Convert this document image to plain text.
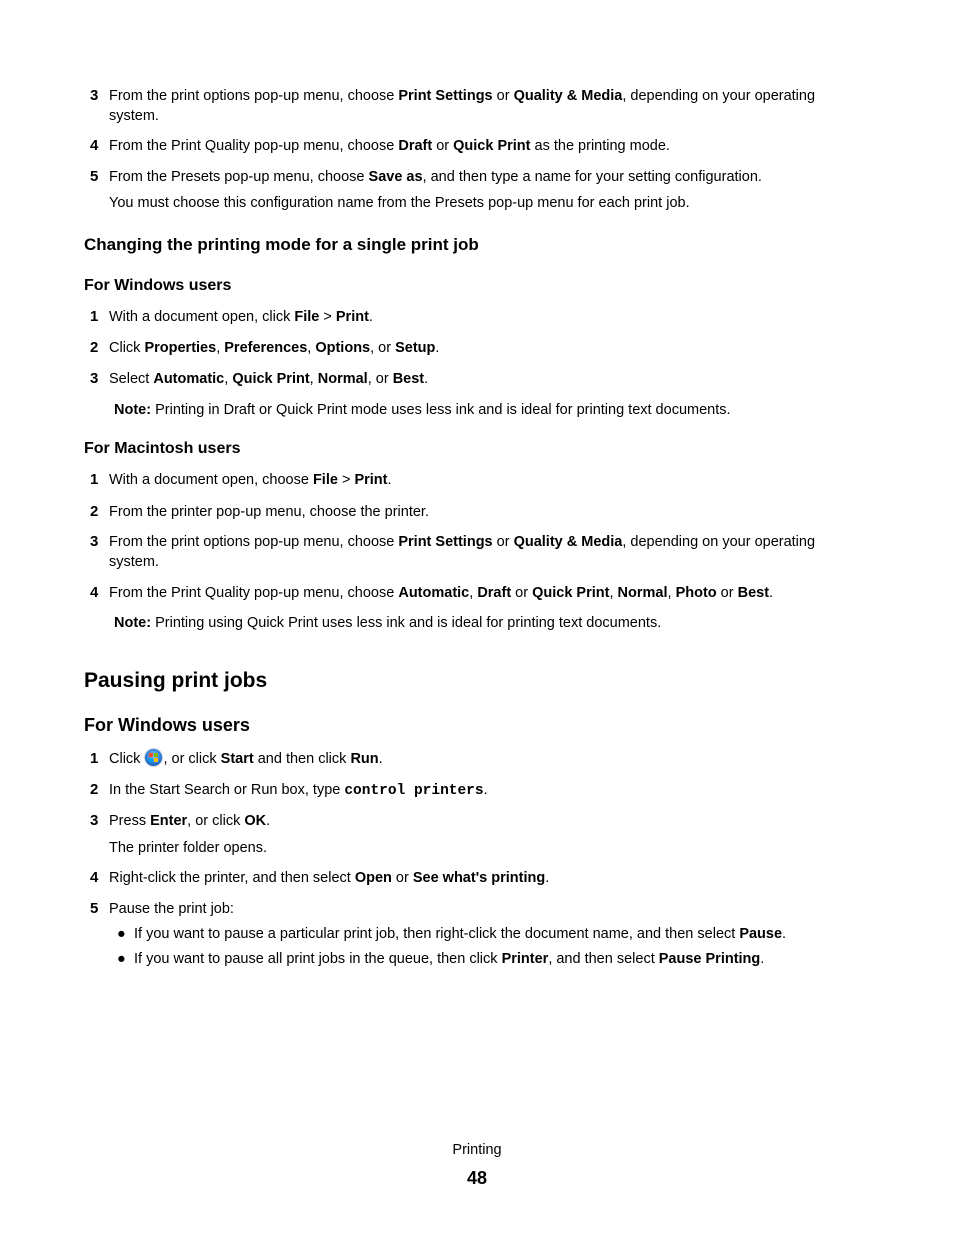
3 From the print options pop-up menu, choose Print Settings or Quality & Media, depending on your operating system.
4 From the Print Quality pop-up menu, choose Draft or Quick Print as the printing mode.
5 From the Presets pop-up menu, choose Save as, and then type a name for your setting configuration.
You must choose this configuration name from the Presets pop-up menu for each print job.
Changing the printing mode for a single print job
For Windows users
1 With a document open, click File > Print.
2 Click Properties, Preferences, Options, or Setup.
3 Select Automatic, Quick Print, Normal, or Best.
Note: Printing in Draft or Quick Print mode uses less ink and is ideal for printing text documents.
For Macintosh users
1 With a document open, choose File > Print.
2 From the printer pop-up menu, choose the printer.
3 From the print options pop-up menu, choose Print Settings or Quality & Media, depending on your operating system.
4 From the Print Quality pop-up menu, choose Automatic, Draft or Quick Print, Normal, Photo or Best.
Note: Printing using Quick Print uses less ink and is ideal for printing text documents.
Pausing print jobs
For Windows users
1 Click
, or click Start and then click Run.
2 In the Start Search or Run box, type control printers.
3 Press Enter, or click OK.
The printer folder opens.
4 Right-click the printer, and then select Open or See what's printing.
5 Pause the print job:
● If you want to pause a particular print job, then right-click the document name, and then select Pause.
● If you want to pause all print jobs in the queue, then click Printer, and then select Pause Printing.
Printing
48
